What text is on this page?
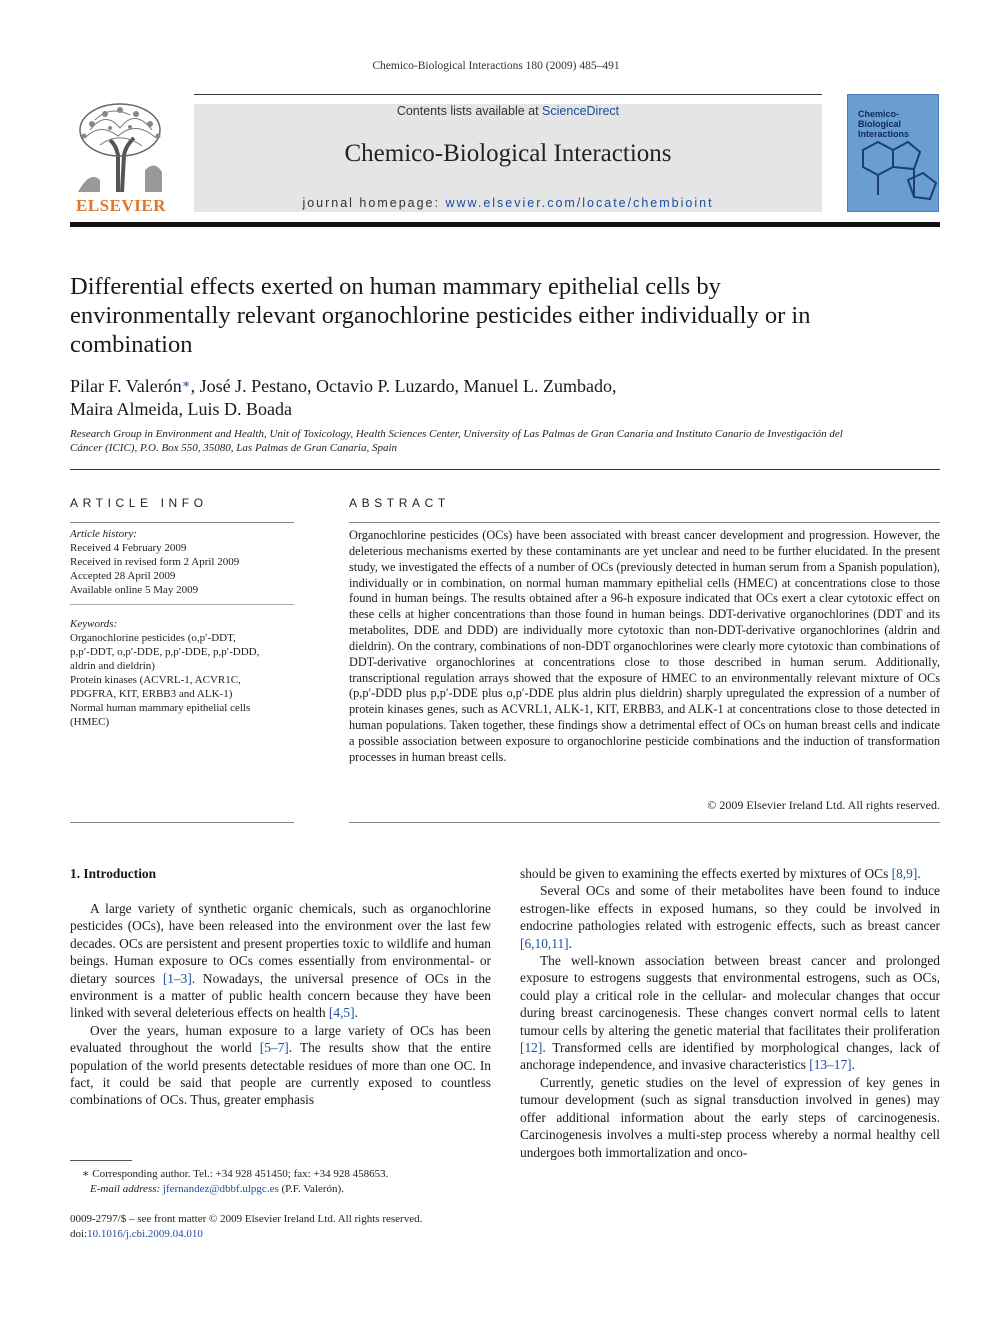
Chemico-Biological Interactions 180 (2009) 485–491
ELSEVIER
Contents lists available at ScienceDirect
Chemico-Biological Interactions
journal homepage: www.elsevier.com/locate/chembioint
Chemico-Biological
Interactions
Differential effects exerted on human mammary epithelial cells by environmentally relevant organochlorine pesticides either individually or in combination
Pilar F. Valerón∗, José J. Pestano, Octavio P. Luzardo, Manuel L. Zumbado,
Maira Almeida, Luis D. Boada
Research Group in Environment and Health, Unit of Toxicology, Health Sciences Center, University of Las Palmas de Gran Canaria and Instituto Canario de Investigación del Cáncer (ICIC), P.O. Box 550, 35080, Las Palmas de Gran Canaria, Spain
ARTICLE INFO	ABSTRACT
Article history:
Received 4 February 2009
Received in revised form 2 April 2009
Accepted 28 April 2009
Available online 5 May 2009
Keywords:
Organochlorine pesticides (o,p′-DDT,
p,p′-DDT, o,p′-DDE, p,p′-DDE, p,p′-DDD,
aldrin and dieldrin)
Protein kinases (ACVRL-1, ACVR1C,
PDGFRA, KIT, ERBB3 and ALK-1)
Normal human mammary epithelial cells
(HMEC)
Organochlorine pesticides (OCs) have been associated with breast cancer development and progression. However, the deleterious mechanisms exerted by these contaminants are yet unclear and need to be further elucidated. In the present study, we investigated the effects of a number of OCs (previously detected in human serum from a Spanish population), individually or in combination, on normal human mammary epithelial cells (HMEC) at concentrations close to those found in human beings. The results obtained after a 96-h exposure indicated that OCs exert a clear cytotoxic effect on these cells at higher concentrations than those found in human beings. DDT-derivative organochlorines (DDT and its metabolites, DDE and DDD) are individually more cytotoxic than non-DDT-derivative organochlorines (aldrin and dieldrin). On the contrary, combinations of non-DDT organochlorines were clearly more cytotoxic than combinations of DDT-derivative organochlorines at concentrations close to those described in human serum. Additionally, transcriptional regulation arrays showed that the exposure of HMEC to an environmentally relevant mixture of OCs (p,p′-DDD plus p,p′-DDE plus o,p′-DDE plus aldrin plus dieldrin) sharply upregulated the expression of a number of protein kinases genes, such as ACVRL1, ALK-1, KIT, ERBB3, and ALK-1 at concentrations close to those detected in human populations. Taken together, these findings show a detrimental effect of OCs on human breast cells and indicate a possible association between exposure to organochlorine pesticide combinations and the induction of transformation processes in human breast cells.
© 2009 Elsevier Ireland Ltd. All rights reserved.
1. Introduction

A large variety of synthetic organic chemicals, such as organochlorine pesticides (OCs), have been released into the environment over the last few decades. OCs are persistent and present properties toxic to wildlife and human beings. Human exposure to OCs comes essentially from environmental- or dietary sources [1–3]. Nowadays, the universal presence of OCs in the environment is a matter of public health concern because they have been linked with several deleterious effects on health [4,5].

Over the years, human exposure to a large variety of OCs has been evaluated throughout the world [5–7]. The results show that the entire population of the world presents detectable residues of more than one OC. In fact, it could be said that people are currently exposed to countless combinations of OCs. Thus, greater emphasis

should be given to examining the effects exerted by mixtures of OCs [8,9].

Several OCs and some of their metabolites have been found to induce estrogen-like effects in exposed humans, so they could be involved in endocrine pathologies related with estrogenic effects, such as breast cancer [6,10,11].

The well-known association between breast cancer and prolonged exposure to estrogens suggests that environmental estrogens, such as OCs, could play a critical role in the cellular- and molecular changes that occur during breast carcinogenesis. These changes convert normal cells to latent tumour cells by altering the genetic material that facilitates their proliferation [12]. Transformed cells are identified by morphological changes, lack of anchorage independence, and invasive characteristics [13–17].

Currently, genetic studies on the level of expression of key genes in tumour development (such as signal transduction involved in genes) may offer additional information about the early steps of carcinogenesis. Carcinogenesis involves a multi-step process whereby a normal healthy cell undergoes both immortalization and onco-

∗ Corresponding author. Tel.: +34 928 451450; fax: +34 928 458653.
E-mail address: jfernandez@dbbf.ulpgc.es (P.F. Valerón).
0009-2797/$ – see front matter © 2009 Elsevier Ireland Ltd. All rights reserved.
doi:10.1016/j.cbi.2009.04.010
